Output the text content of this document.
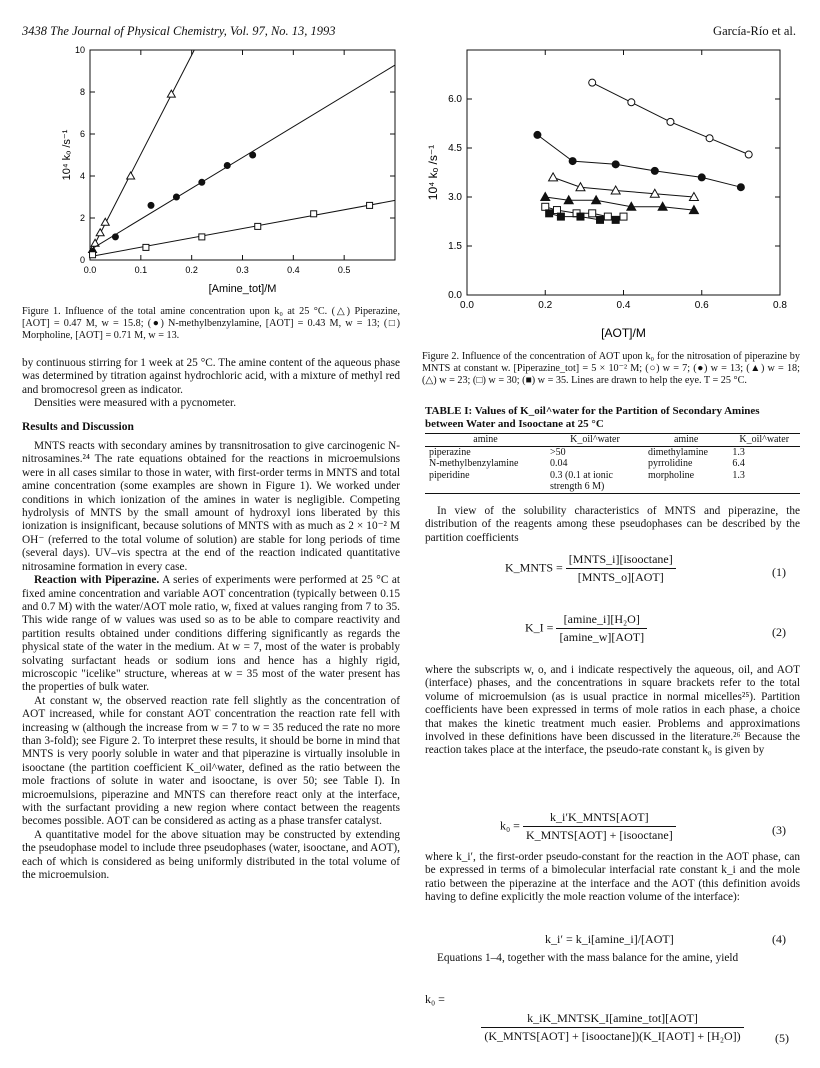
3438 The Journal of Physical Chemistry, Vol. 97, No. 13, 1993	García-Río et al.
0.0	0.1	0.2	0.3	0.4	0.5
0
2
4
6
8
10
[Amine_tot]/M
10⁴ kₒ /s⁻¹
Figure 1. Influence of the total amine concentration upon k₀ at 25 °C. (△) Piperazine, [AOT] = 0.47 M, w = 15.8; (●) N-methylbenzylamine, [AOT] = 0.43 M, w = 13; (□) Morpholine, [AOT] = 0.71 M, w = 13.
0.0	0.2	0.4	0.6	0.8
0.0
1.5
3.0
4.5
6.0
[AOT]/M
10⁴ kₒ /s⁻¹
Figure 2. Influence of the concentration of AOT upon k₀ for the nitrosation of piperazine by MNTS at constant w. [Piperazine_tot] = 5 × 10⁻² M; (○) w = 7; (●) w = 13; (▲) w = 18; (△) w = 23; (□) w = 30; (■) w = 35. Lines are drawn to help the eye. T = 25 °C.

by continuous stirring for 1 week at 25 °C. The amine content of the aqueous phase was determined by titration against hydrochloric acid, with a mixture of methyl red and bromocresol green as indicator.

Densities were measured with a pycnometer.

Results and Discussion

MNTS reacts with secondary amines by transnitrosation to give carcinogenic N-nitrosamines.²⁴ The rate equations obtained for the reactions in microemulsions were in all cases similar to those in water, with first-order terms in MNTS and total amine concentration (some examples are shown in Figure 1). We worked under conditions in which ionization of the amines in water is negligible. Competing hydrolysis of MNTS by the small amount of hydroxyl ions liberated by this ionization is insignificant, because solutions of MNTS with as much as 2 × 10⁻² M OH⁻ (referred to the total volume of solution) are stable for long periods of time (several days). UV–vis spectra at the end of the reaction indicated quantitative nitrosamine formation in every case.

Reaction with Piperazine. A series of experiments were performed at 25 °C at fixed amine concentration and variable AOT concentration (typically between 0.15 and 0.7 M) with the water/AOT mole ratio, w, fixed at values ranging from 7 to 35. This wide range of w values was used so as to be able to compare reactivity and partition results obtained under conditions differing significantly as regards the physical state of the water in the medium. At w = 7, most of the water is probably solvating surfactant heads or sodium ions and hence has a highly rigid, microscopic "icelike" structure, whereas at w = 35 most of the water present has the properties of bulk water.

At constant w, the observed reaction rate fell slightly as the concentration of AOT increased, while for constant AOT concentration the reaction rate fell with increasing w (although the increase from w = 7 to w = 35 reduced the rate no more than 3-fold); see Figure 2. To interpret these results, it should be borne in mind that MNTS is very poorly soluble in water and that piperazine is virtually insoluble in isooctane (the partition coefficient K_oil^water, defined as the ratio between the mole fractions of solute in water and isooctane, is over 50; see Table I). In microemulsions, piperazine and MNTS can therefore react only at the interface, with the surfactant providing a new region where contact between the reagents becomes possible. AOT can be considered as acting as a phase transfer catalyst.

A quantitative model for the above situation may be constructed by extending the pseudophase model to include three pseudophases (water, isooctane, and AOT), each of which is considered as being uniformly distributed in the total volume of the microemulsion.

TABLE I: Values of K_oil^water for the Partition of Secondary Amines between Water and Isooctane at 25 °C
amine	K_oil^water	amine	K_oil^water
piperazine	>50	dimethylamine	1.3
N-methylbenzylamine	0.04	pyrrolidine	6.4
piperidine	0.3 (0.1 at ionic strength 6 M)	morpholine	1.3
In view of the solubility characteristics of MNTS and piperazine, the distribution of the reagents among these pseudophases can be described by the partition coefficients
K_MNTS = $\frac{\text{[MNTS\_i][isooctane]}}{\text{[MNTS\_o][AOT]}}$	(1)
K_I = $\frac{\text{[amine\_i][H₂O]}}{\text{[amine\_w][AOT]}}$	(2)
where the subscripts w, o, and i indicate respectively the aqueous, oil, and AOT (interface) phases, and the concentrations in square brackets refer to the total volume of microemulsion (as is usual practice in normal micelles²⁵). Partition coefficients have been expressed in terms of mole ratios in each phase, a choice that makes the kinetic treatment much easier. Problems and approximations involved in these definitions have been discussed in the literature.²⁶ Because the reaction takes place at the interface, the pseudo-rate constant k₀ is given by
$k_0 = \frac{\text{k\_i′K\_MNTS[AOT]}}{\text{K\_MNTS[AOT] + [isooctane]}}$	(3)
where k_i′, the first-order pseudo-constant for the reaction in the AOT phase, can be expressed in terms of a bimolecular interfacial rate constant k_i and the mole ratio between the piperazine at the interface and the AOT (this definition avoids having to define explicitly the mole reaction volume of the interface):
k_i′ = k_i[amine_i]/[AOT]	(4)
Equations 1–4, together with the mass balance for the amine, yield
k₀ =
$\frac{\text{k\_iK\_MNTSK\_I[amine\_tot][AOT]}}{\text{(K\_MNTS[AOT] + [isooctane])(K\_I[AOT] + [H₂O])}}$	(5)
